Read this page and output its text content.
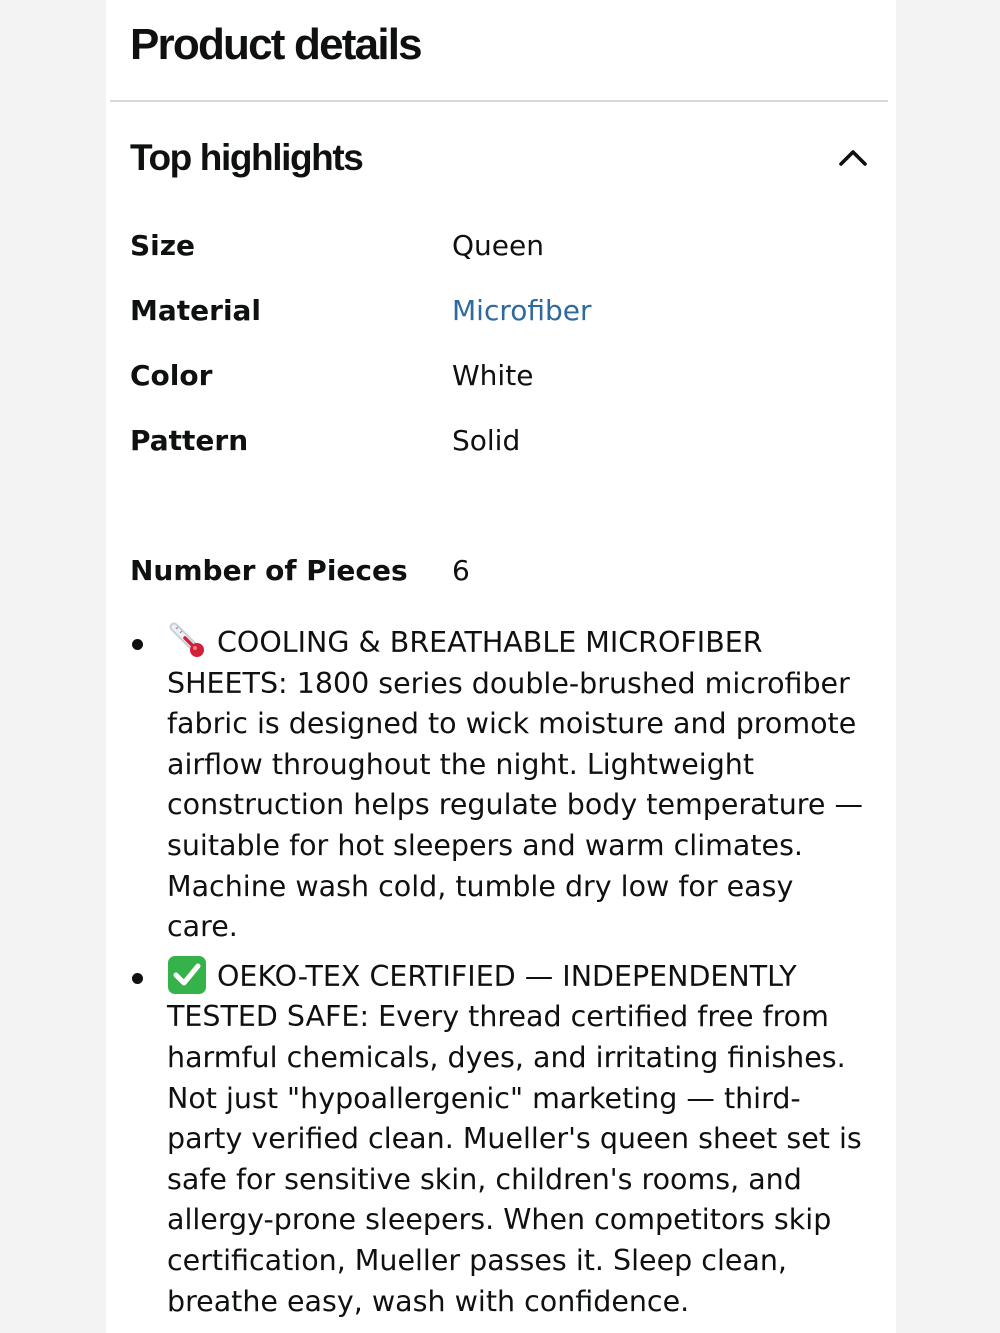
Product details
Top highlights
Size	Queen
Material	Microfiber
Color	White
Pattern	Solid
Number of Pieces 6
COOLING & BREATHABLE MICROFIBER SHEETS: 1800 series double-brushed microfiber fabric is designed to wick moisture and promote airflow throughout the night. Lightweight construction helps regulate body temperature — suitable for hot sleepers and warm climates. Machine wash cold, tumble dry low for easy care.
OEKO-TEX CERTIFIED — INDEPENDENTLY TESTED SAFE: Every thread certified free from harmful chemicals, dyes, and irritating finishes. Not just "hypoallergenic" marketing — third-party verified clean. Mueller's queen sheet set is safe for sensitive skin, children's rooms, and allergy-prone sleepers. When competitors skip certification, Mueller passes it. Sleep clean, breathe easy, wash with confidence.
